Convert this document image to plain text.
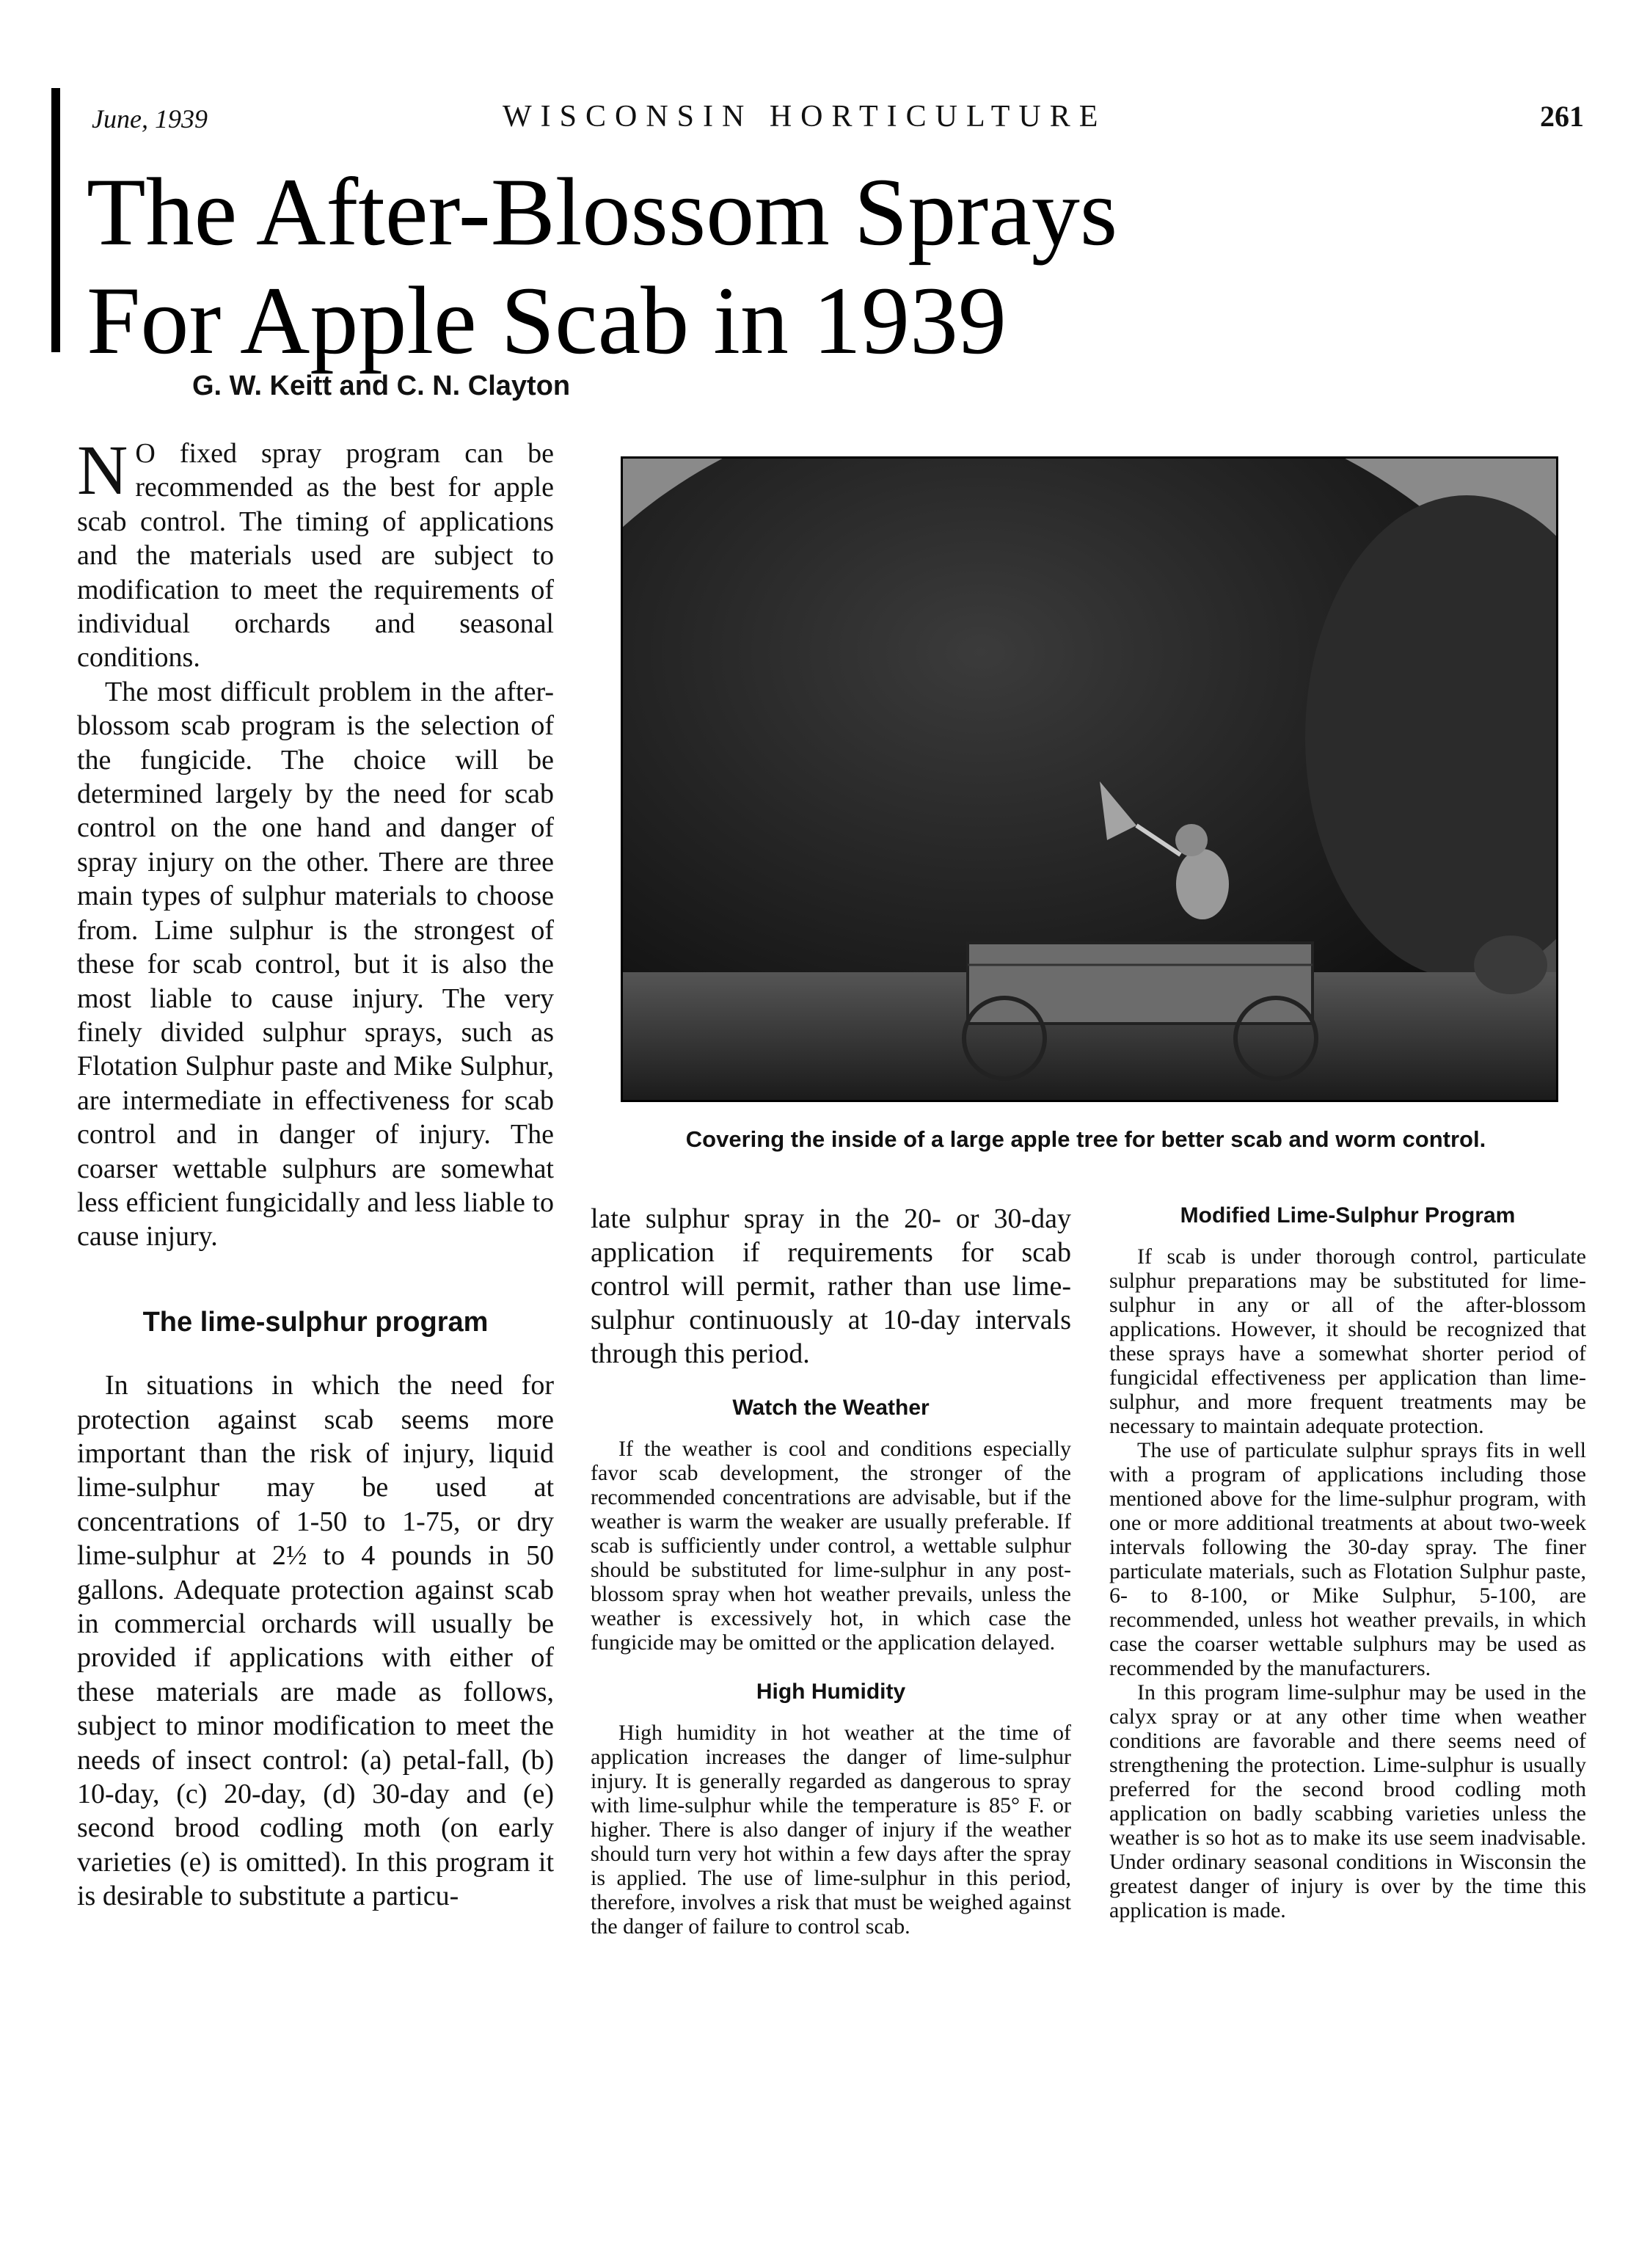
June, 1939	WISCONSIN HORTICULTURE	261
The After-Blossom Sprays
For Apple Scab in 1939
G. W. Keitt and C. N. Clayton

N O fixed spray program can be recommended as the best for apple scab control. The timing of applications and the materials used are subject to modification to meet the requirements of individual orchards and seasonal conditions.

The most difficult problem in the after-blossom scab program is the selection of the fungicide. The choice will be determined largely by the need for scab control on the one hand and danger of spray injury on the other. There are three main types of sulphur materials to choose from. Lime sulphur is the strongest of these for scab control, but it is also the most liable to cause injury. The very finely divided sulphur sprays, such as Flotation Sulphur paste and Mike Sulphur, are intermediate in effectiveness for scab control and in danger of injury. The coarser wettable sulphurs are somewhat less efficient fungicidally and less liable to cause injury.

The lime-sulphur program

In situations in which the need for protection against scab seems more important than the risk of injury, liquid lime-sulphur may be used at concentrations of 1-50 to 1-75, or dry lime-sulphur at 2½ to 4 pounds in 50 gallons. Adequate protection against scab in commercial orchards will usually be provided if applications with either of these materials are made as follows, subject to minor modification to meet the needs of insect control: (a) petal-fall, (b) 10-day, (c) 20-day, (d) 30-day and (e) second brood codling moth (on early varieties (e) is omitted). In this program it is desirable to substitute a particu-

Covering the inside of a large apple tree for better scab and worm control.

late sulphur spray in the 20- or 30-day application if requirements for scab control will permit, rather than use lime-sulphur continuously at 10-day intervals through this period.

Watch the Weather

If the weather is cool and conditions especially favor scab development, the stronger of the recommended concentrations are advisable, but if the weather is warm the weaker are usually preferable. If scab is sufficiently under control, a wettable sulphur should be substituted for lime-sulphur in any post-blossom spray when hot weather prevails, unless the weather is excessively hot, in which case the fungicide may be omitted or the application delayed.

High Humidity

High humidity in hot weather at the time of application increases the danger of lime-sulphur injury. It is generally regarded as dangerous to spray with lime-sulphur while the temperature is 85° F. or higher. There is also danger of injury if the weather should turn very hot within a few days after the spray is applied. The use of lime-sulphur in this period, therefore, involves a risk that must be weighed against the danger of failure to control scab.

Modified Lime-Sulphur Program

If scab is under thorough control, particulate sulphur preparations may be substituted for lime-sulphur in any or all of the after-blossom applications. However, it should be recognized that these sprays have a somewhat shorter period of fungicidal effectiveness per application than lime-sulphur, and more frequent treatments may be necessary to maintain adequate protection.

The use of particulate sulphur sprays fits in well with a program of applications including those mentioned above for the lime-sulphur program, with one or more additional treatments at about two-week intervals following the 30-day spray. The finer particulate materials, such as Flotation Sulphur paste, 6- to 8-100, or Mike Sulphur, 5-100, are recommended, unless hot weather prevails, in which case the coarser wettable sulphurs may be used as recommended by the manufacturers.

In this program lime-sulphur may be used in the calyx spray or at any other time when weather conditions are favorable and there seems need of strengthening the protection. Lime-sulphur is usually preferred for the second brood codling moth application on badly scabbing varieties unless the weather is so hot as to make its use seem inadvisable. Under ordinary seasonal conditions in Wisconsin the greatest danger of injury is over by the time this application is made.
